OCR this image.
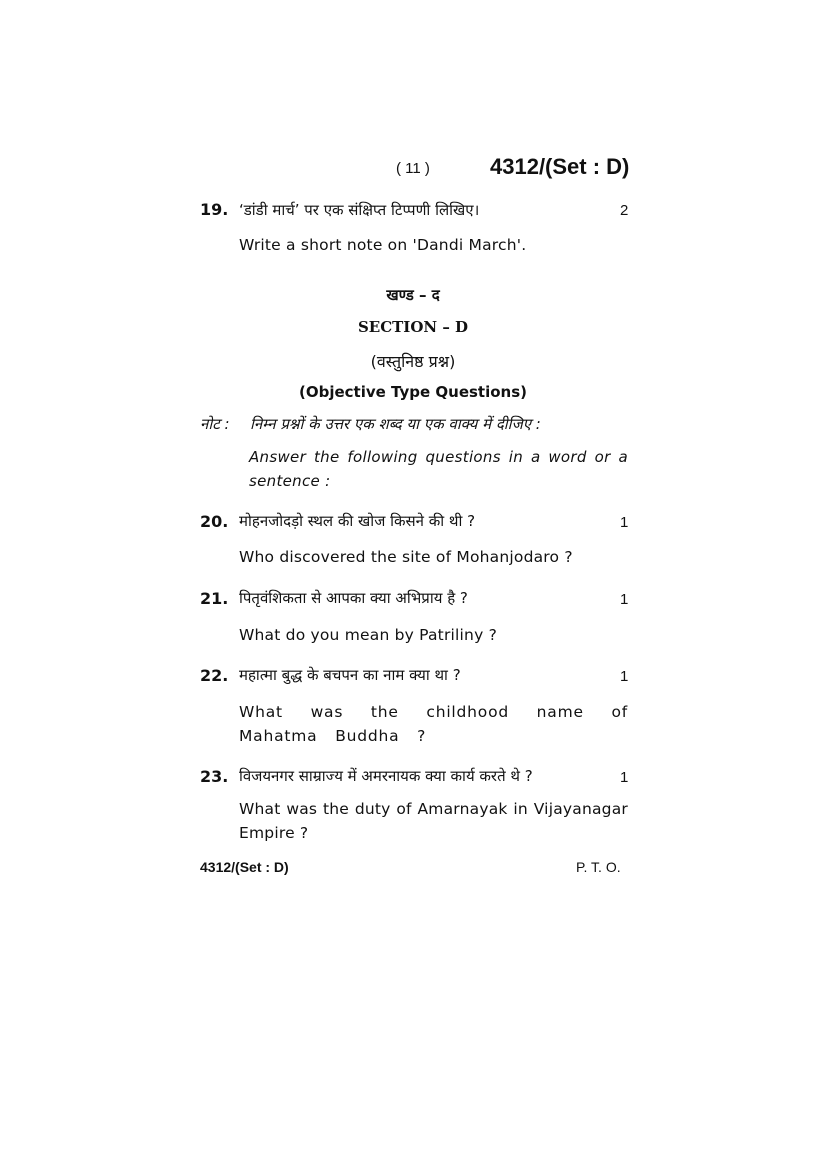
( 11 )	4312/(Set : D)
19. ‘डांडी मार्च’ पर एक संक्षिप्त टिप्पणी लिखिए।	2
Write a short note on 'Dandi March'.
खण्ड – द
SECTION – D
(वस्तुनिष्ठ प्रश्न)
(Objective Type Questions)
नोट : निम्न प्रश्नों के उत्तर एक शब्द या एक वाक्य में दीजिए :
Answer the following questions in a word or a sentence :
20. मोहनजोदड़ो स्थल की खोज किसने की थी ?	1
Who discovered the site of Mohanjodaro ?
21. पितृवंशिकता से आपका क्या अभिप्राय है ?	1
What do you mean by Patriliny ?
22. महात्मा बुद्ध के बचपन का नाम क्या था ?	1
What was the childhood name of Mahatma Buddha ?
23. विजयनगर साम्राज्य में अमरनायक क्या कार्य करते थे ?	1
What was the duty of Amarnayak in Vijayanagar Empire ?
4312/(Set : D)	P. T. O.
